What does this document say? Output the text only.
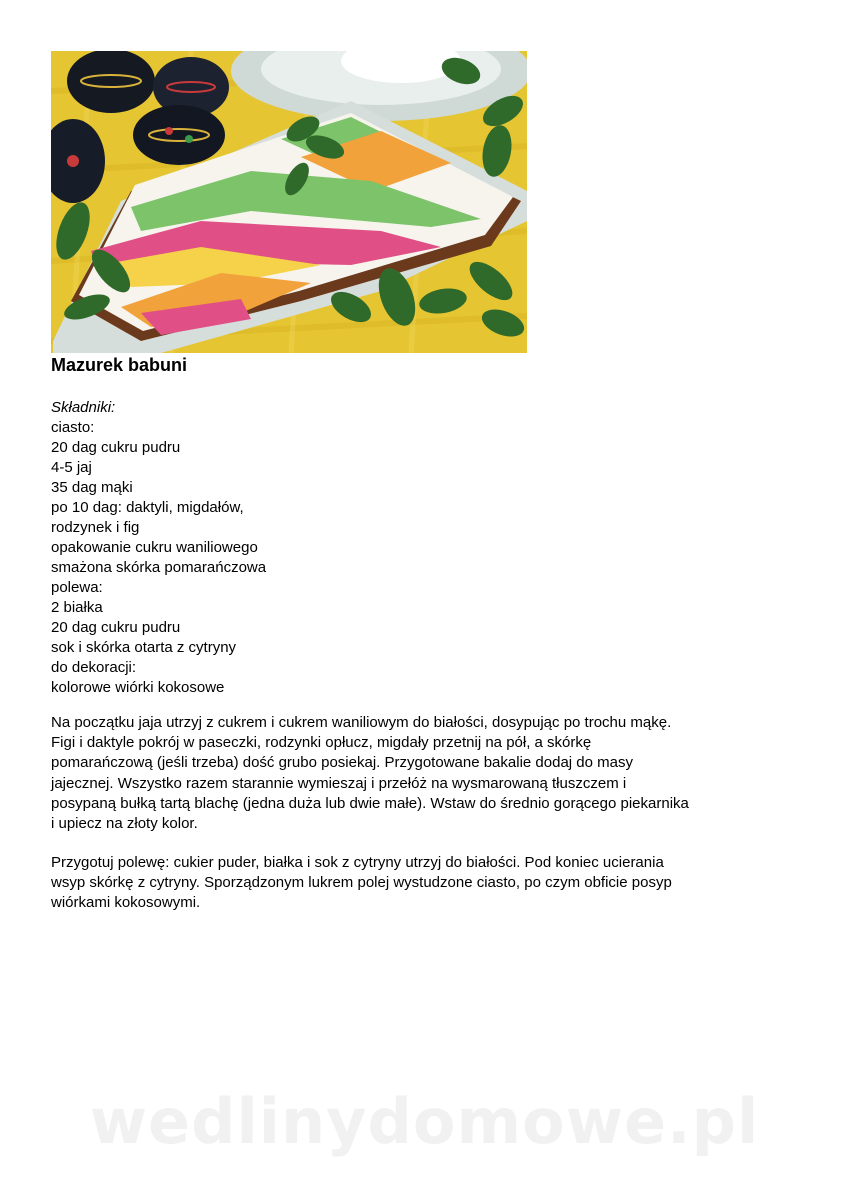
Mazurek babuni
Składniki:
ciasto:
20 dag cukru pudru
4-5 jaj
35 dag mąki
po 10 dag: daktyli, migdałów,
rodzynek i fig
opakowanie cukru waniliowego
smażona skórka pomarańczowa
polewa:
2 białka
20 dag cukru pudru
sok i skórka otarta z cytryny
do dekoracji:
kolorowe wiórki kokosowe

Na początku jaja utrzyj z cukrem i cukrem waniliowym do białości, dosypując po trochu mąkę.
Figi i daktyle pokrój w paseczki, rodzynki opłucz, migdały przetnij na pół, a skórkę
pomarańczową (jeśli trzeba) dość grubo posiekaj. Przygotowane bakalie dodaj do masy
jajecznej. Wszystko razem starannie wymieszaj i przełóż na wysmarowaną tłuszczem i
posypaną bułką tartą blachę (jedna duża lub dwie małe). Wstaw do średnio gorącego piekarnika
i upiecz na złoty kolor.

Przygotuj polewę: cukier puder, białka i sok z cytryny utrzyj do białości. Pod koniec ucierania
wsyp skórkę z cytryny. Sporządzonym lukrem polej wystudzone ciasto, po czym obficie posyp
wiórkami kokosowymi.

wedlinydomowe.pl
